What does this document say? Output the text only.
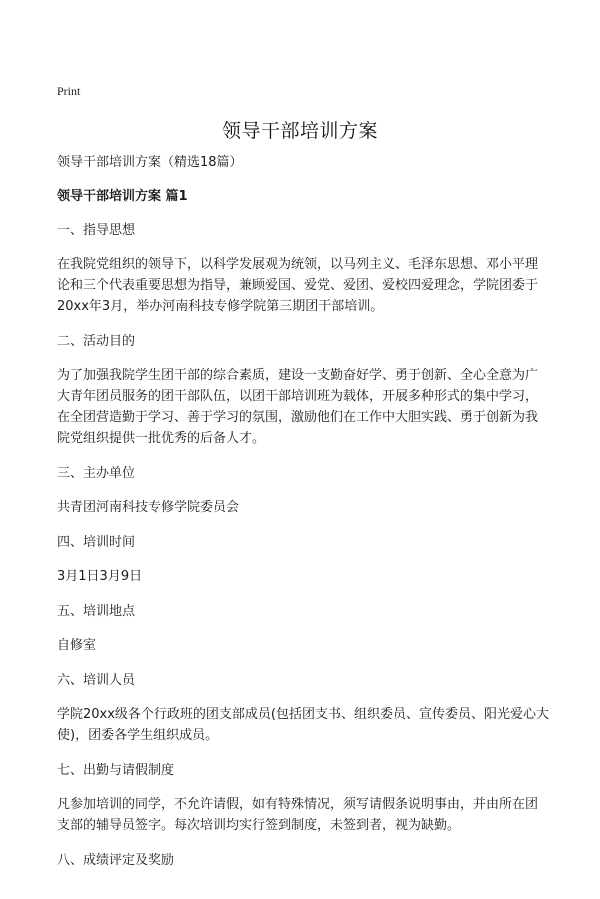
Print
领导干部培训方案

领导干部培训方案（精选18篇）

领导干部培训方案 篇1

一、指导思想

在我院党组织的领导下，以科学发展观为统领，以马列主义、毛泽东思想、邓小平理论和三个代表重要思想为指导，兼顾爱国、爱党、爱团、爱校四爱理念，学院团委于20xx年3月，举办河南科技专修学院第三期团干部培训。

二、活动目的

为了加强我院学生团干部的综合素质，建设一支勤奋好学、勇于创新、全心全意为广大青年团员服务的团干部队伍，以团干部培训班为载体，开展多种形式的集中学习，在全团营造勤于学习、善于学习的氛围，激励他们在工作中大胆实践、勇于创新为我院党组织提供一批优秀的后备人才。

三、主办单位

共青团河南科技专修学院委员会

四、培训时间

3月1日3月9日

五、培训地点

自修室

六、培训人员

学院20xx级各个行政班的团支部成员(包括团支书、组织委员、宣传委员、阳光爱心大使)，团委各学生组织成员。

七、出勤与请假制度

凡参加培训的同学，不允许请假，如有特殊情况，须写请假条说明事由，并由所在团支部的辅导员签字。每次培训均实行签到制度，未签到者，视为缺勤。

八、成绩评定及奖励
